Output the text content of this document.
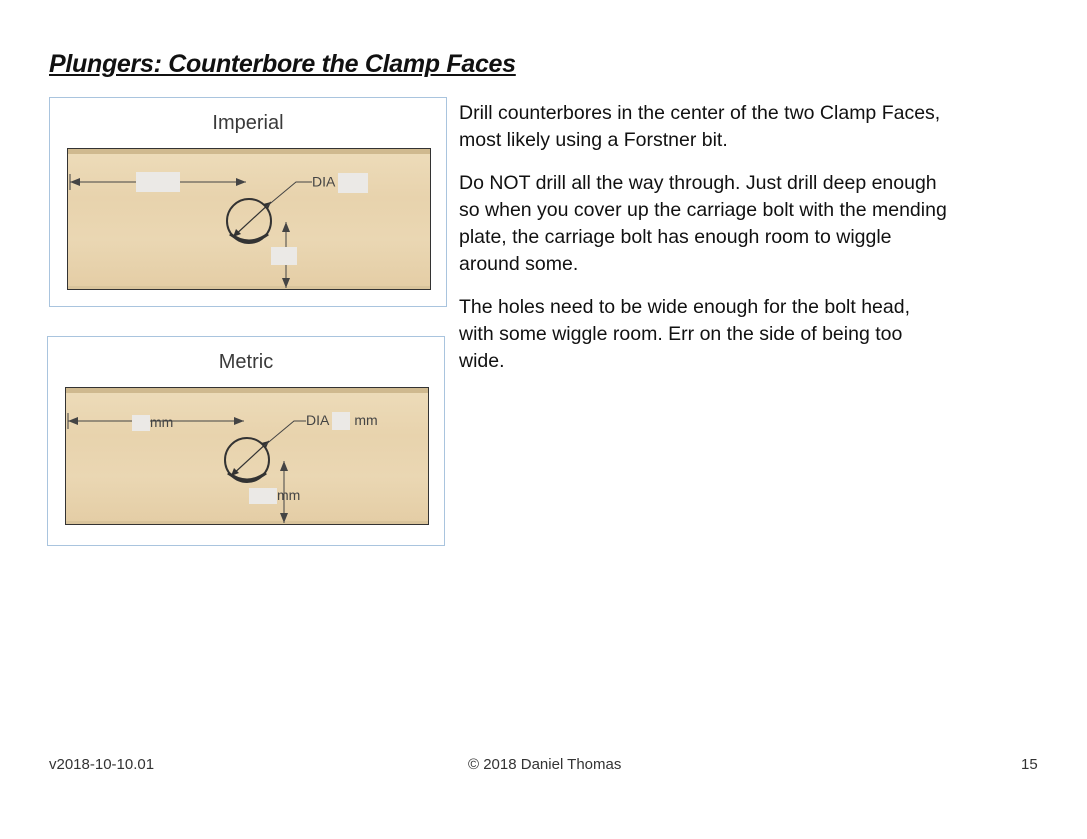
Plungers: Counterbore the Clamp Faces
Imperial
DIA
Metric
mm	DIA mm
mm

Drill counterbores in the center of the two Clamp Faces, most likely using a Forstner bit.

Do NOT drill all the way through. Just drill deep enough so when you cover up the carriage bolt with the mending plate, the carriage bolt has enough room to wiggle around some.

The holes need to be wide enough for the bolt head, with some wiggle room. Err on the side of being too wide.

v2018-10-10.01	© 2018 Daniel Thomas	15
